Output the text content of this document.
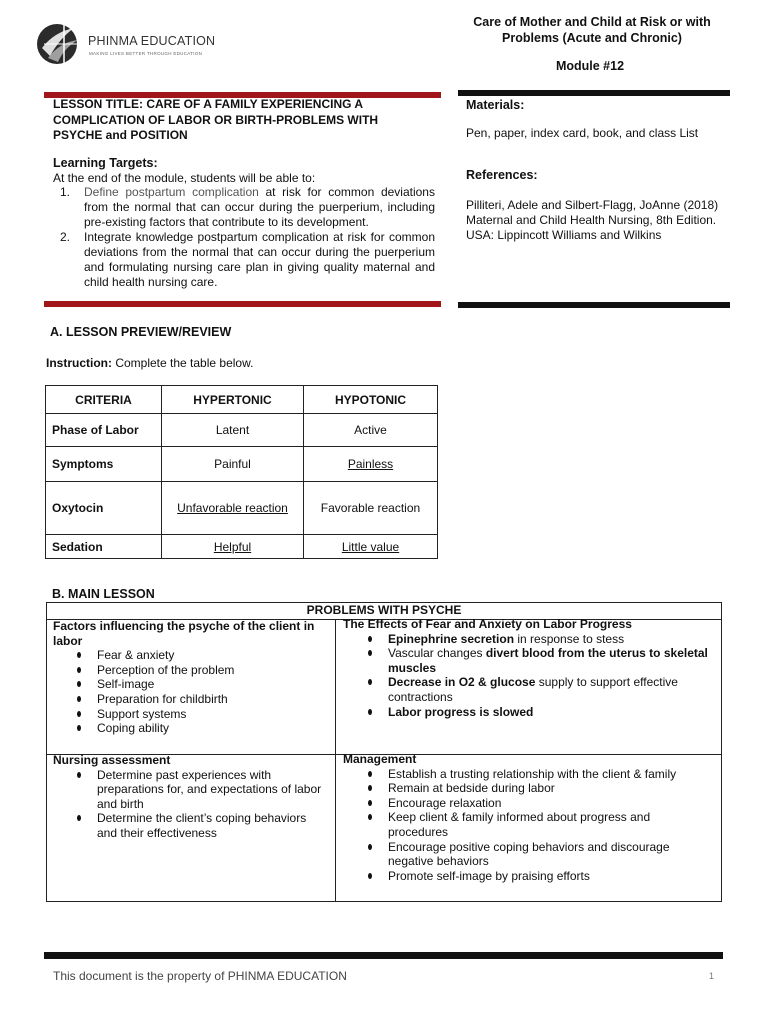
PHINMA EDUCATION
MAKING LIVES BETTER THROUGH EDUCATION
Care of Mother and Child at Risk or with Problems (Acute and Chronic)
Module #12
LESSON TITLE: CARE OF A FAMILY EXPERIENCING A COMPLICATION OF LABOR OR BIRTH-PROBLEMS WITH PSYCHE and POSITION
Learning Targets:
At the end of the module, students will be able to:
1. Define postpartum complication at risk for common deviations from the normal that can occur during the puerperium, including pre-existing factors that contribute to its development.
2. Integrate knowledge postpartum complication at risk for common deviations from the normal that can occur during the puerperium and formulating nursing care plan in giving quality maternal and child health nursing care.
Materials:
Pen, paper, index card, book, and class List
References:
Pilliteri, Adele and Silbert-Flagg, JoAnne (2018) Maternal and Child Health Nursing, 8th Edition. USA: Lippincott Williams and Wilkins
A. LESSON PREVIEW/REVIEW
Instruction: Complete the table below.
CRITERIA	HYPERTONIC	HYPOTONIC
Phase of Labor	Latent	Active
Symptoms	Painful	Painless
Oxytocin	Unfavorable reaction	Favorable reaction
Sedation	Helpful	Little value
B. MAIN LESSON
PROBLEMS WITH PSYCHE
Factors influencing the psyche of the client in labor
Fear & anxiety
Perception of the problem
Self-image
Preparation for childbirth
Support systems
Coping ability
The Effects of Fear and Anxiety on Labor Progress
Epinephrine secretion in response to stess
Vascular changes divert blood from the uterus to skeletal muscles
Decrease in O2 & glucose supply to support effective contractions
Labor progress is slowed
Nursing assessment
Determine past experiences with preparations for, and expectations of labor and birth
Determine the client’s coping behaviors and their effectiveness
Management
Establish a trusting relationship with the client & family
Remain at bedside during labor
Encourage relaxation
Keep client & family informed about progress and procedures
Encourage positive coping behaviors and discourage negative behaviors
Promote self-image by praising efforts
This document is the property of PHINMA EDUCATION	1
